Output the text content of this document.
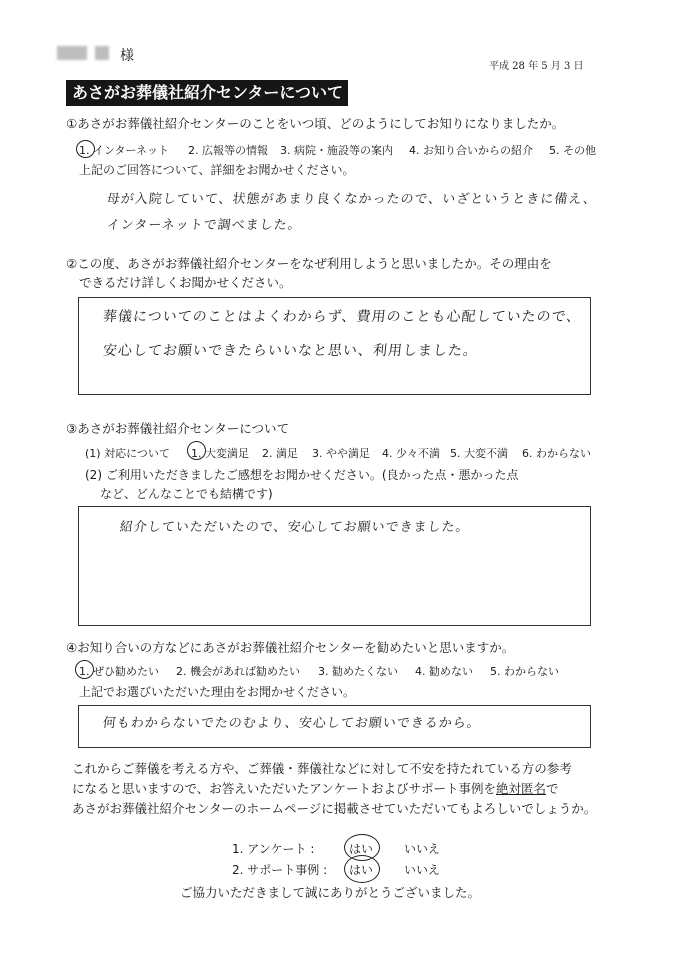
様
平成 28 年 5 月 3 日
あさがお葬儀社紹介センターについて
①あさがお葬儀社紹介センターのことをいつ頃、どのようにしてお知りになりましたか。
1. インターネット 2. 広報等の情報 3. 病院・施設等の案内 4. お知り合いからの紹介 5. その他
上記のご回答について、詳細をお聞かせください。
母が入院していて、状態があまり良くなかったので、いざというときに備え、
インターネットで調べました。
②この度、あさがお葬儀社紹介センターをなぜ利用しようと思いましたか。その理由を
できるだけ詳しくお聞かせください。
葬儀についてのことはよくわからず、費用のことも心配していたので、
安心してお願いできたらいいなと思い、利用しました。
③あさがお葬儀社紹介センターについて
(1) 対応について 1. 大変満足 2. 満足 3. やや満足 4. 少々不満 5. 大変不満 6. わからない
(2) ご利用いただきましたご感想をお聞かせください。(良かった点・悪かった点
など、どんなことでも結構です)
紹介していただいたので、安心してお願いできました。
④お知り合いの方などにあさがお葬儀社紹介センターを勧めたいと思いますか。
1. ぜひ勧めたい 2. 機会があれば勧めたい 3. 勧めたくない 4. 勧めない 5. わからない
上記でお選びいただいた理由をお聞かせください。
何もわからないでたのむより、安心してお願いできるから。
これからご葬儀を考える方や、ご葬儀・葬儀社などに対して不安を持たれている方の参考
になると思いますので、お答えいただいたアンケートおよびサポート事例を絶対匿名で
あさがお葬儀社紹介センターのホームページに掲載させていただいてもよろしいでしょうか。
1. アンケート :	はい	いいえ
2. サポート事例 : はい	いいえ
ご協力いただきまして誠にありがとうございました。
